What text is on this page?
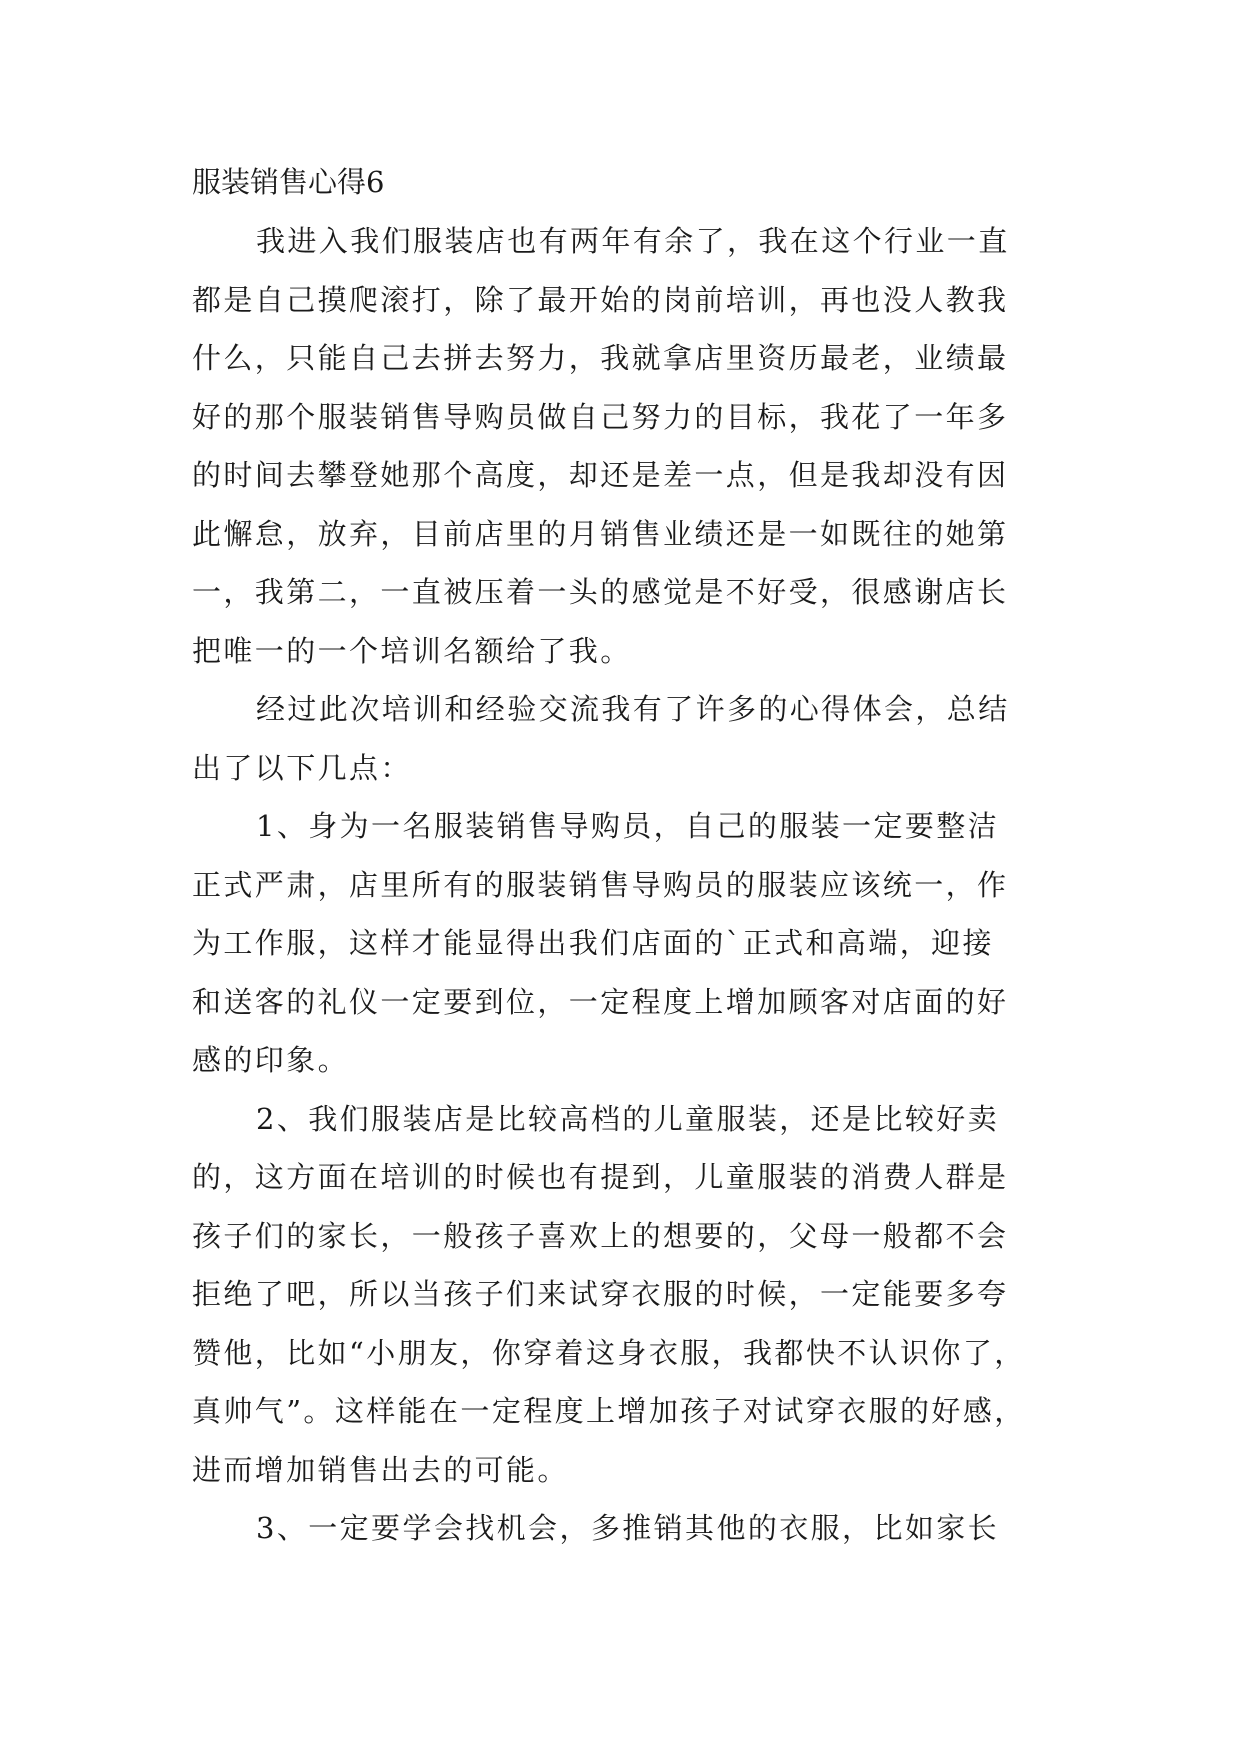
服装销售心得6
我进入我们服装店也有两年有余了，我在这个行业一直
都是自己摸爬滚打，除了最开始的岗前培训，再也没人教我
什么，只能自己去拼去努力，我就拿店里资历最老，业绩最
好的那个服装销售导购员做自己努力的目标，我花了一年多
的时间去攀登她那个高度，却还是差一点，但是我却没有因
此懈怠，放弃，目前店里的月销售业绩还是一如既往的她第
一，我第二，一直被压着一头的感觉是不好受，很感谢店长
把唯一的一个培训名额给了我。
经过此次培训和经验交流我有了许多的心得体会，总结
出了以下几点：
1、身为一名服装销售导购员，自己的服装一定要整洁
正式严肃，店里所有的服装销售导购员的服装应该统一，作
为工作服，这样才能显得出我们店面的`正式和高端，迎接
和送客的礼仪一定要到位，一定程度上增加顾客对店面的好
感的印象。
2、我们服装店是比较高档的儿童服装，还是比较好卖
的，这方面在培训的时候也有提到，儿童服装的消费人群是
孩子们的家长，一般孩子喜欢上的想要的，父母一般都不会
拒绝了吧，所以当孩子们来试穿衣服的时候，一定能要多夸
赞他，比如“小朋友，你穿着这身衣服，我都快不认识你了，
真帅气”。这样能在一定程度上增加孩子对试穿衣服的好感，
进而增加销售出去的可能。
3、一定要学会找机会，多推销其他的衣服，比如家长
